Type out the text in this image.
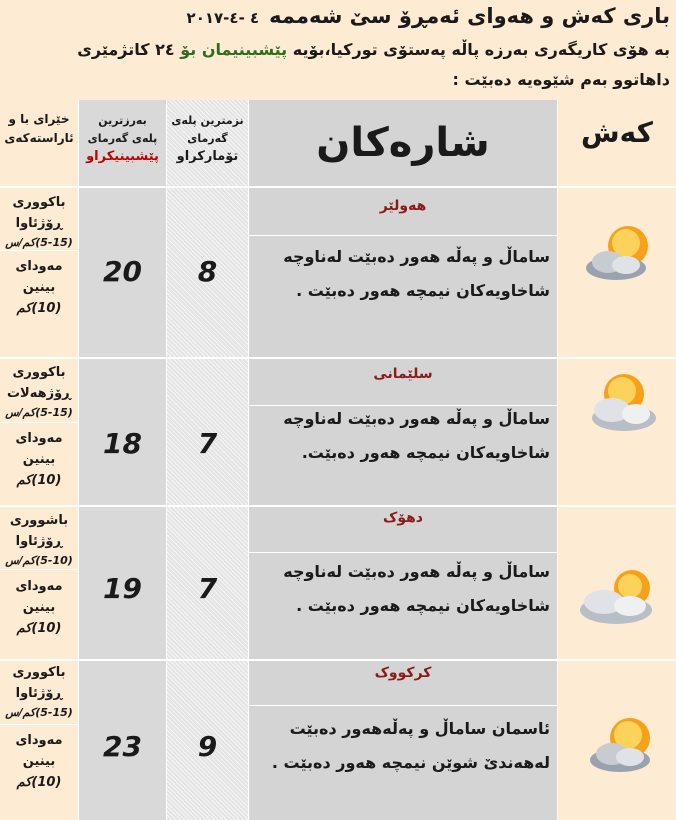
باری کەش و هەوای ئەمڕۆ سێ شەممە٤ -٤-٢٠١٧
بە هۆی کاریگەری بەرزە پاڵە پەستۆی تورکیا،بۆیە پێشبینیمان بۆ ٢٤ کاتژمێری
داهاتوو بەم شێوەیە دەبێت :
خێرای با و
ئاراستەکەی
بەرزترین
پلەی گەرمای
پێشبینیکراو
نزمترین پلەی
گەرمای
تۆمارکراو	شارەکان	کەش
هەولێر
ساماڵ و پەڵە هەور دەبێت لەناوچە
شاخاویەکان نیمچە هەور دەبێت .
8
20
باکووری
ڕۆژئاوا
(5-15)کم/س
مەودای
بینین
(10)کم
سلێمانی
ساماڵ و پەڵە هەور دەبێت لەناوچە
شاخاویەکان نیمچە هەور دەبێت.
7
18
باکووری
ڕۆژهەلات
(5-15)کم/س
مەودای
بینین
(10)کم
دهۆک
ساماڵ و پەڵە هەور دەبێت لەناوچە
شاخاویەکان نیمچە هەور دەبێت .
7
19
باشووری
ڕۆژئاوا
(5-10)کم/س
مەودای
بینین
(10)کم
کرکووک
ئاسمان ساماڵ و پەڵەهەور دەبێت
لەهەندێ شوێن نیمچە هەور دەبێت .
9
23
باکووری
ڕۆژئاوا
(5-15)کم/س
مەودای
بینین
(10)کم
